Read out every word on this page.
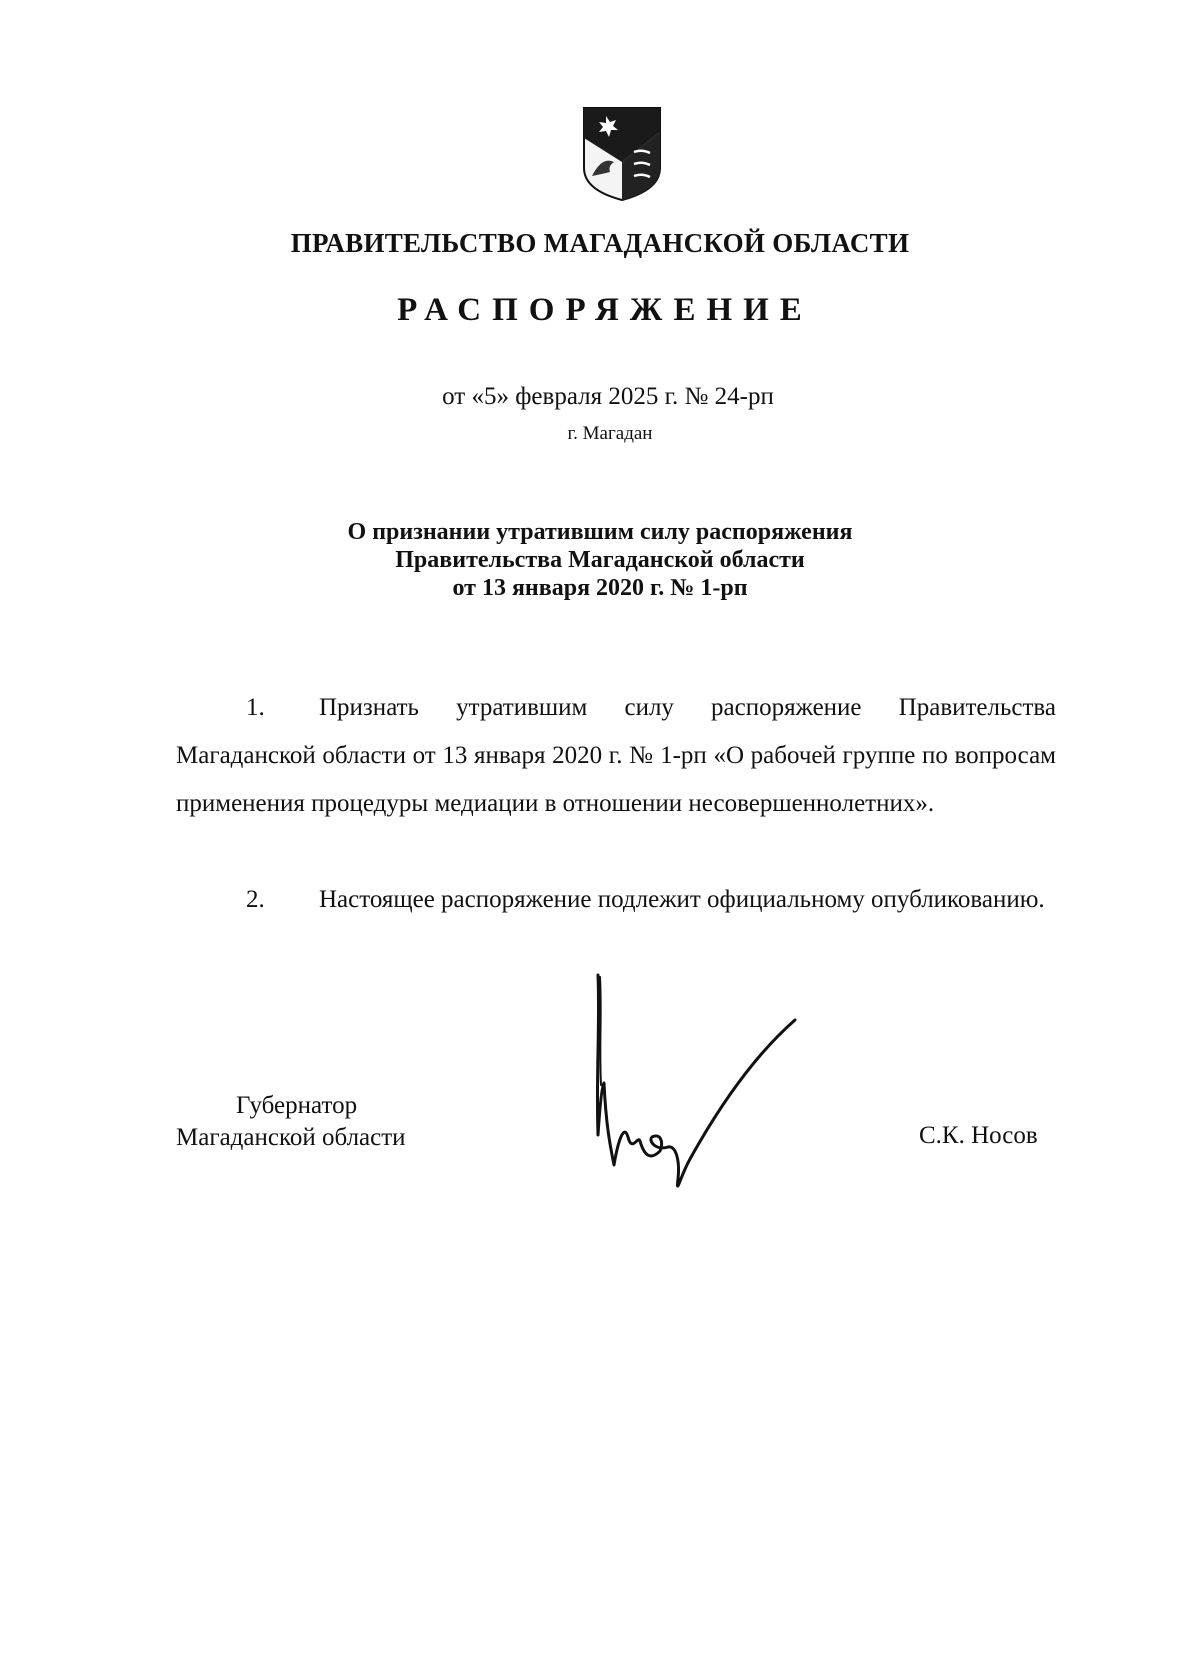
ПРАВИТЕЛЬСТВО МАГАДАНСКОЙ ОБЛАСТИ
РАСПОРЯЖЕНИЕ
от «5» февраля 2025 г. № 24-рп
г. Магадан
О признании утратившим силу распоряжения
Правительства Магаданской области
от 13 января 2020 г. № 1-рп
1. Признать утратившим силу распоряжение Правительства Магаданской области от 13 января 2020 г. № 1-рп «О рабочей группе по вопросам применения процедуры медиации в отношении несовершеннолетних».
2. Настоящее распоряжение подлежит официальному опубликованию.
Губернатор
Магаданской области	С.К. Носов
